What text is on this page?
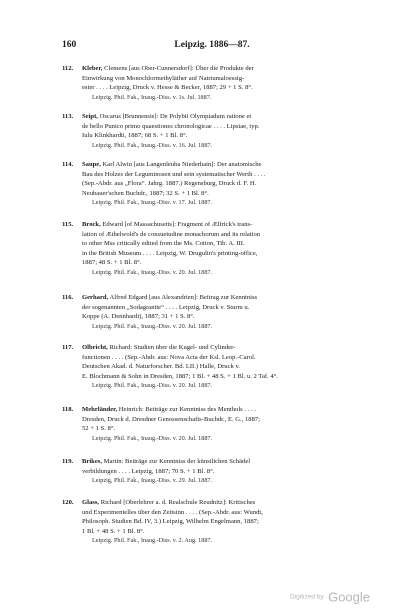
160	Leipzig. 1886—87.
112.	Kleber, Clemens [aus Ober-Cunnersdorf]: Über die Produkte der
Einwirkung von Monochlormethyläther auf Natriumaloessig-
ester . . . . Leipzig, Druck v. Hesse & Becker, 1887; 29 + 1 S. 8°.
Leipzig. Phil. Fak., Inaug.-Diss. v. 1s. Jul. 1887.
113.	Seipt, Oscarus [Brunnensis]: De Polybii Olympiadum ratione et
de bello Punico primo quaestiones chronologicae . . . . Lipsiae, typ.
Iulu Klinkhardti, 1887; 68 S. + 1 Bl. 8°.
Leipzig. Phil. Fak., Inaug.-Diss. v. 16. Jul. 1887.
114.	Saupe, Karl Alwin [aus Langenleuba Niederhain]: Der anatomische
Bau des Holzes der Leguminosen und sein systematischer Werth . . . .
(Sep.-Abdr. aus „Flora“. Jahrg. 1887.) Regensburg, Druck d. F. H.
Neubauer'schen Buchdr., 1887; 32 S. + 1 Bl. 8°.
Leipzig. Phil. Fak., Inaug.-Diss. v. 17. Jul. 1887.
115.	Brock, Edward [of Massachusetts]: Fragment of Ælfrick's trans-
lation of Æthelwold's de consuetudine monachorum and its relation
to other Mss critically edited from the Ms. Cotton, Tib. A. III.
in the British Museum . . . . Leipzig, W. Drugulin's printing-office,
1887; 48 S. + 1 Bl. 8°.
Leipzig. Phil. Fak., Inaug.-Diss. v. 20. Jul. 1887.
116.	Gerhard, Alfred Edgard [aus Alexandrien]: Beitrag zur Kenntniss
der sogenannten „Sodagranite“ . . . . Leipzig, Druck v. Sturm u.
Koppe (A. Dennhardt), 1887; 31 + 1 S. 8°.
Leipzig. Phil. Fak., Inaug.-Diss. v. 20. Jul. 1887.
117.	Olbricht, Richard: Studien über die Kugel- und Cylinder-
functionen . . . . (Sep.-Abdr. aus: Nova Acta der Ksl. Leop.-Carol.
Deutschen Akad. d. Naturforscher. Bd. LII.) Halle, Druck v.
E. Blochmann & Sohn in Dresden, 1887; 1 Bl. + 48 S. + 1 Bl. u. 2 Taf. 4°.
Leipzig. Phil. Fak., Inaug.-Diss. v. 20. Jul. 1887.
118.	Mehrländer, Heinrich: Beiträge zur Kenntniss des Menthols . . . .
Dresden, Druck d. Dresdner Genossenschafts-Buchdr., E. G., 1887;
52 + 1 S. 8°.
Leipzig. Phil. Fak., Inaug.-Diss. v. 20. Jul. 1887.
119.	Brikes, Martin: Beiträge zur Kenntniss der künstlichen Schädel
verbildungen . . . . Leipzig, 1887; 70 S. + 1 Bl. 8°.
Leipzig, Phil. Fak., Inaug.-Diss. v. 29. Jul. 1887.
120.	Glass, Richard [Oberlehrer a. d. Realschule Reudnitz]: Kritisches
und Experimentelles über den Zeitsinn . . . . (Sep.-Abdr. aus: Wundt,
Philosoph. Studien Bd. IV, 3.) Leipzig, Wilhelm Engelmann, 1887;
1 Bl. + 48 S. + 1 Bl. 8°.
Leipzig. Phil. Fak., Inaug.-Diss. v. 2. Aug. 1887.
Digitized by Google
